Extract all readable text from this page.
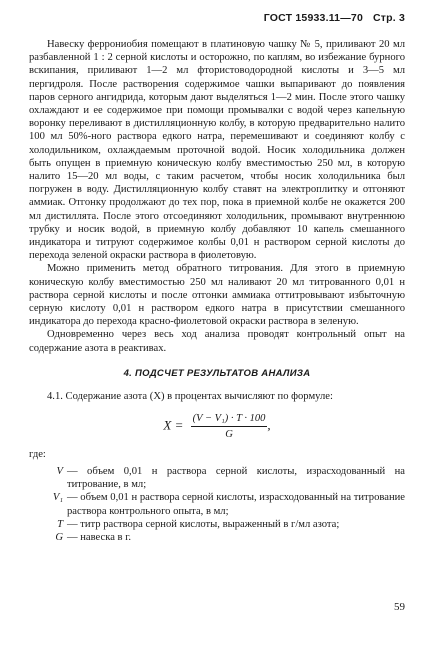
ГОСТ 15933.11—70 Стр. 3

Навеску феррониобия помещают в платиновую чашку № 5, приливают 20 мл разбавленной 1 : 2 серной кислоты и осторожно, по каплям, во избежание бурного вскипания, приливают 1—2 мл фтористоводородной кислоты и 3—5 мл пергидроля. После растворения содержимое чашки выпаривают до появления паров серного ангидрида, которым дают выделяться 1—2 мин. После этого чашку охлаждают и ее содержимое при помощи промывалки с водой через капельную воронку переливают в дистилляционную колбу, в которую предварительно налито 100 мл 50%-ного раствора едкого натра, перемешивают и соединяют колбу с холодильником, охлаждаемым проточной водой. Носик холодильника должен быть опущен в приемную коническую колбу вместимостью 250 мл, в которую налито 15—20 мл воды, с таким расчетом, чтобы носик холодильника был погружен в воду. Дистилляционную колбу ставят на электроплитку и отгоняют аммиак. Отгонку продолжают до тех пор, пока в приемной колбе не окажется 200 мл дистиллята. После этого отсоединяют холодильник, промывают внутреннюю трубку и носик водой, в приемную колбу добавляют 10 капель смешанного индикатора и титруют содержимое колбы 0,01 н раствором серной кислоты до перехода зеленой окраски раствора в фиолетовую.

Можно применить метод обратного титрования. Для этого в приемную коническую колбу вместимостью 250 мл наливают 20 мл титрованного 0,01 н раствора серной кислоты и после отгонки аммиака оттитровывают избыточную серную кислоту 0,01 н раствором едкого натра в присутствии смешанного индикатора до перехода красно-фиолетовой окраски раствора в зеленую.

Одновременно через весь ход анализа проводят контрольный опыт на содержание азота в реактивах.

4. ПОДСЧЕТ РЕЗУЛЬТАТОВ АНАЛИЗА

4.1. Содержание азота (X) в процентах вычисляют по формуле:

$X = \frac{\text{(V − V₁) · T · 100}}{G}$ ,
где:
V — объем 0,01 н раствора серной кислоты, израсходованный на титрование, в мл;
V₁ — объем 0,01 н раствора серной кислоты, израсходованный на титрование раствора контрольного опыта, в мл;
T — титр раствора серной кислоты, выраженный в г/мл азота;
G — навеска в г.
59
